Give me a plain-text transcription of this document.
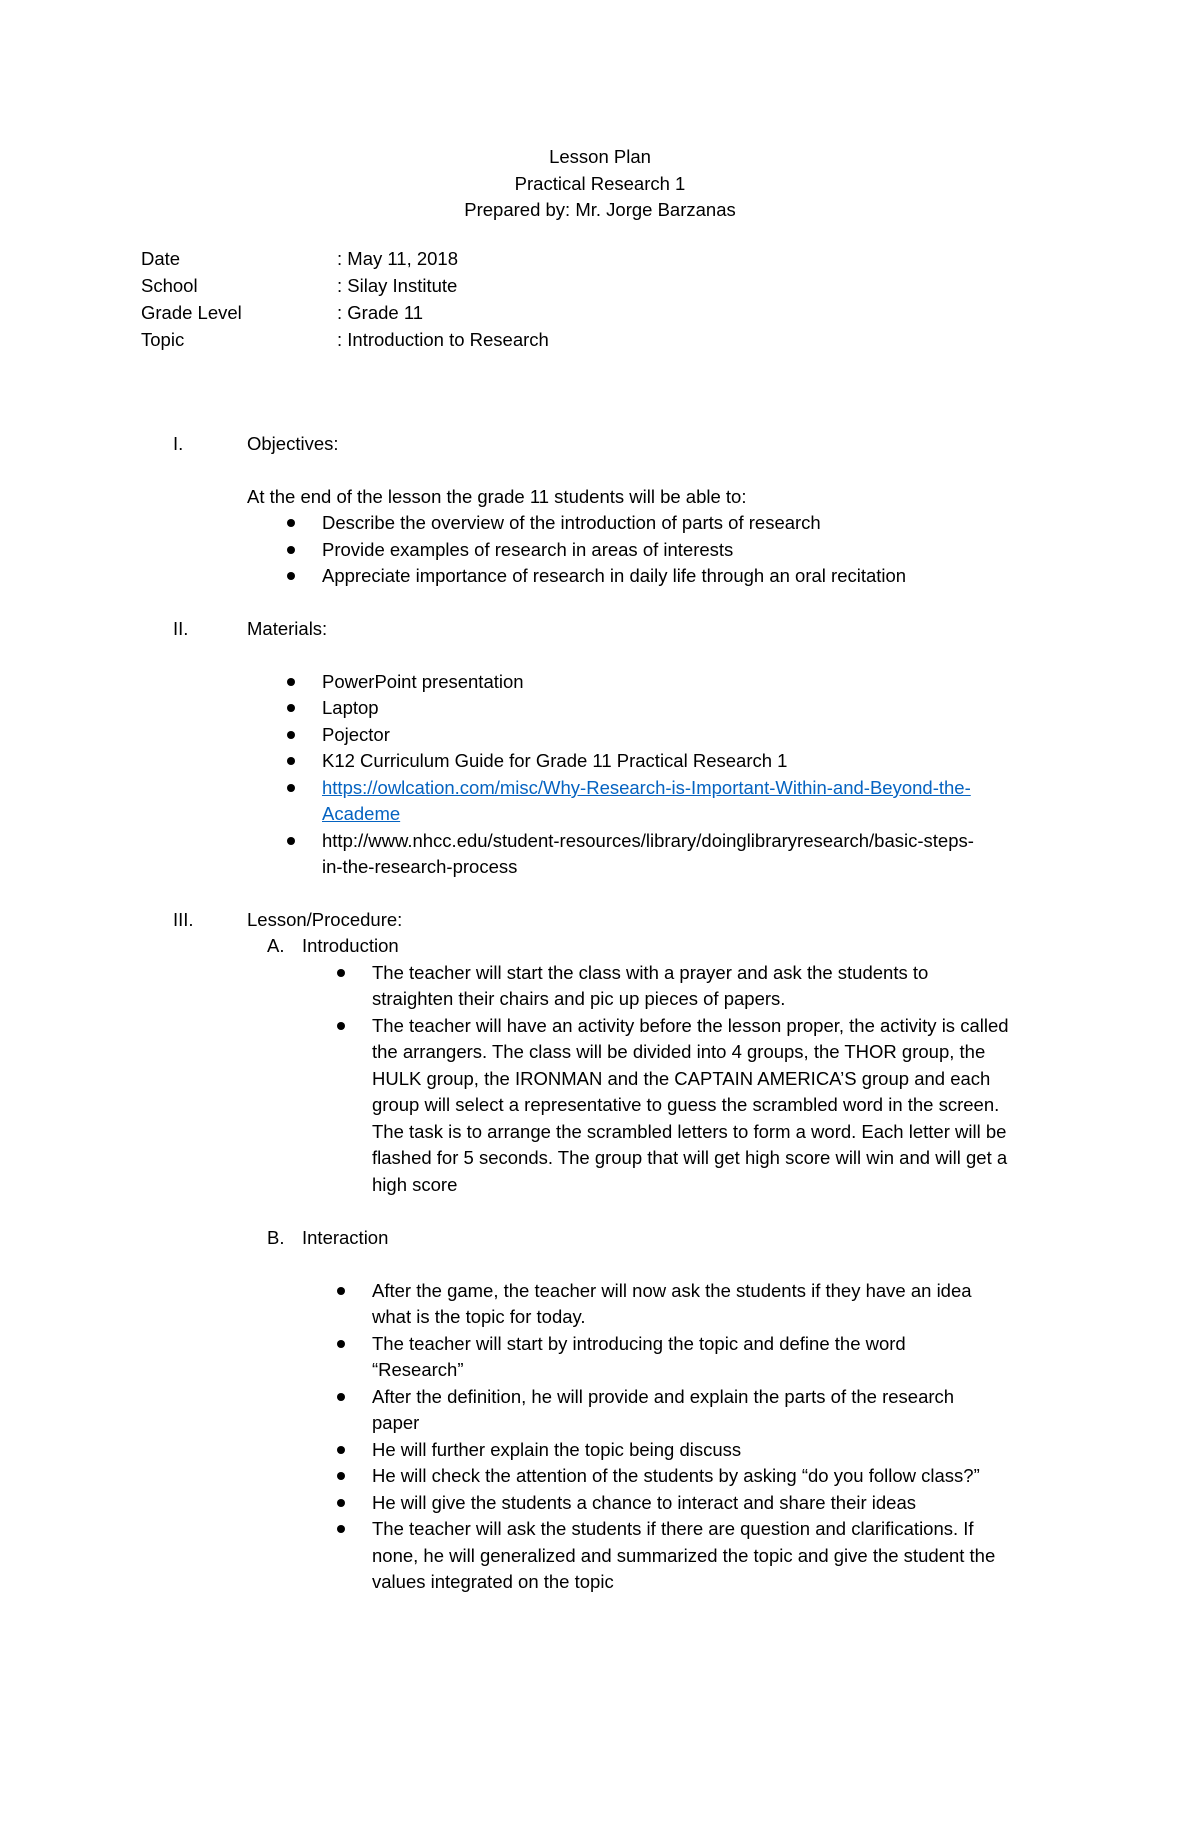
Lesson Plan
Practical Research 1
Prepared by: Mr. Jorge Barzanas
Date	: May 11, 2018
School	: Silay Institute
Grade Level	: Grade 11
Topic	: Introduction to Research
I.	Objectives:
At the end of the lesson the grade 11 students will be able to:
Describe the overview of the introduction of parts of research
Provide examples of research in areas of interests
Appreciate importance of research in daily life through an oral recitation
II.	Materials:
PowerPoint presentation
Laptop
Pojector
K12 Curriculum Guide for Grade 11 Practical Research 1
https://owlcation.com/misc/Why-Research-is-Important-Within-and-Beyond-the-
Academe
http://www.nhcc.edu/student-resources/library/doinglibraryresearch/basic-steps-
in-the-research-process
III.	Lesson/Procedure:
A. Introduction
The teacher will start the class with a prayer and ask the students to
straighten their chairs and pic up pieces of papers.
The teacher will have an activity before the lesson proper, the activity is called
the arrangers. The class will be divided into 4 groups, the THOR group, the
HULK group, the IRONMAN and the CAPTAIN AMERICA’S group and each
group will select a representative to guess the scrambled word in the screen.
The task is to arrange the scrambled letters to form a word. Each letter will be
flashed for 5 seconds. The group that will get high score will win and will get a
high score
B. Interaction
After the game, the teacher will now ask the students if they have an idea
what is the topic for today.
The teacher will start by introducing the topic and define the word
“Research”
After the definition, he will provide and explain the parts of the research
paper
He will further explain the topic being discuss
He will check the attention of the students by asking “do you follow class?”
He will give the students a chance to interact and share their ideas
The teacher will ask the students if there are question and clarifications. If
none, he will generalized and summarized the topic and give the student the
values integrated on the topic
